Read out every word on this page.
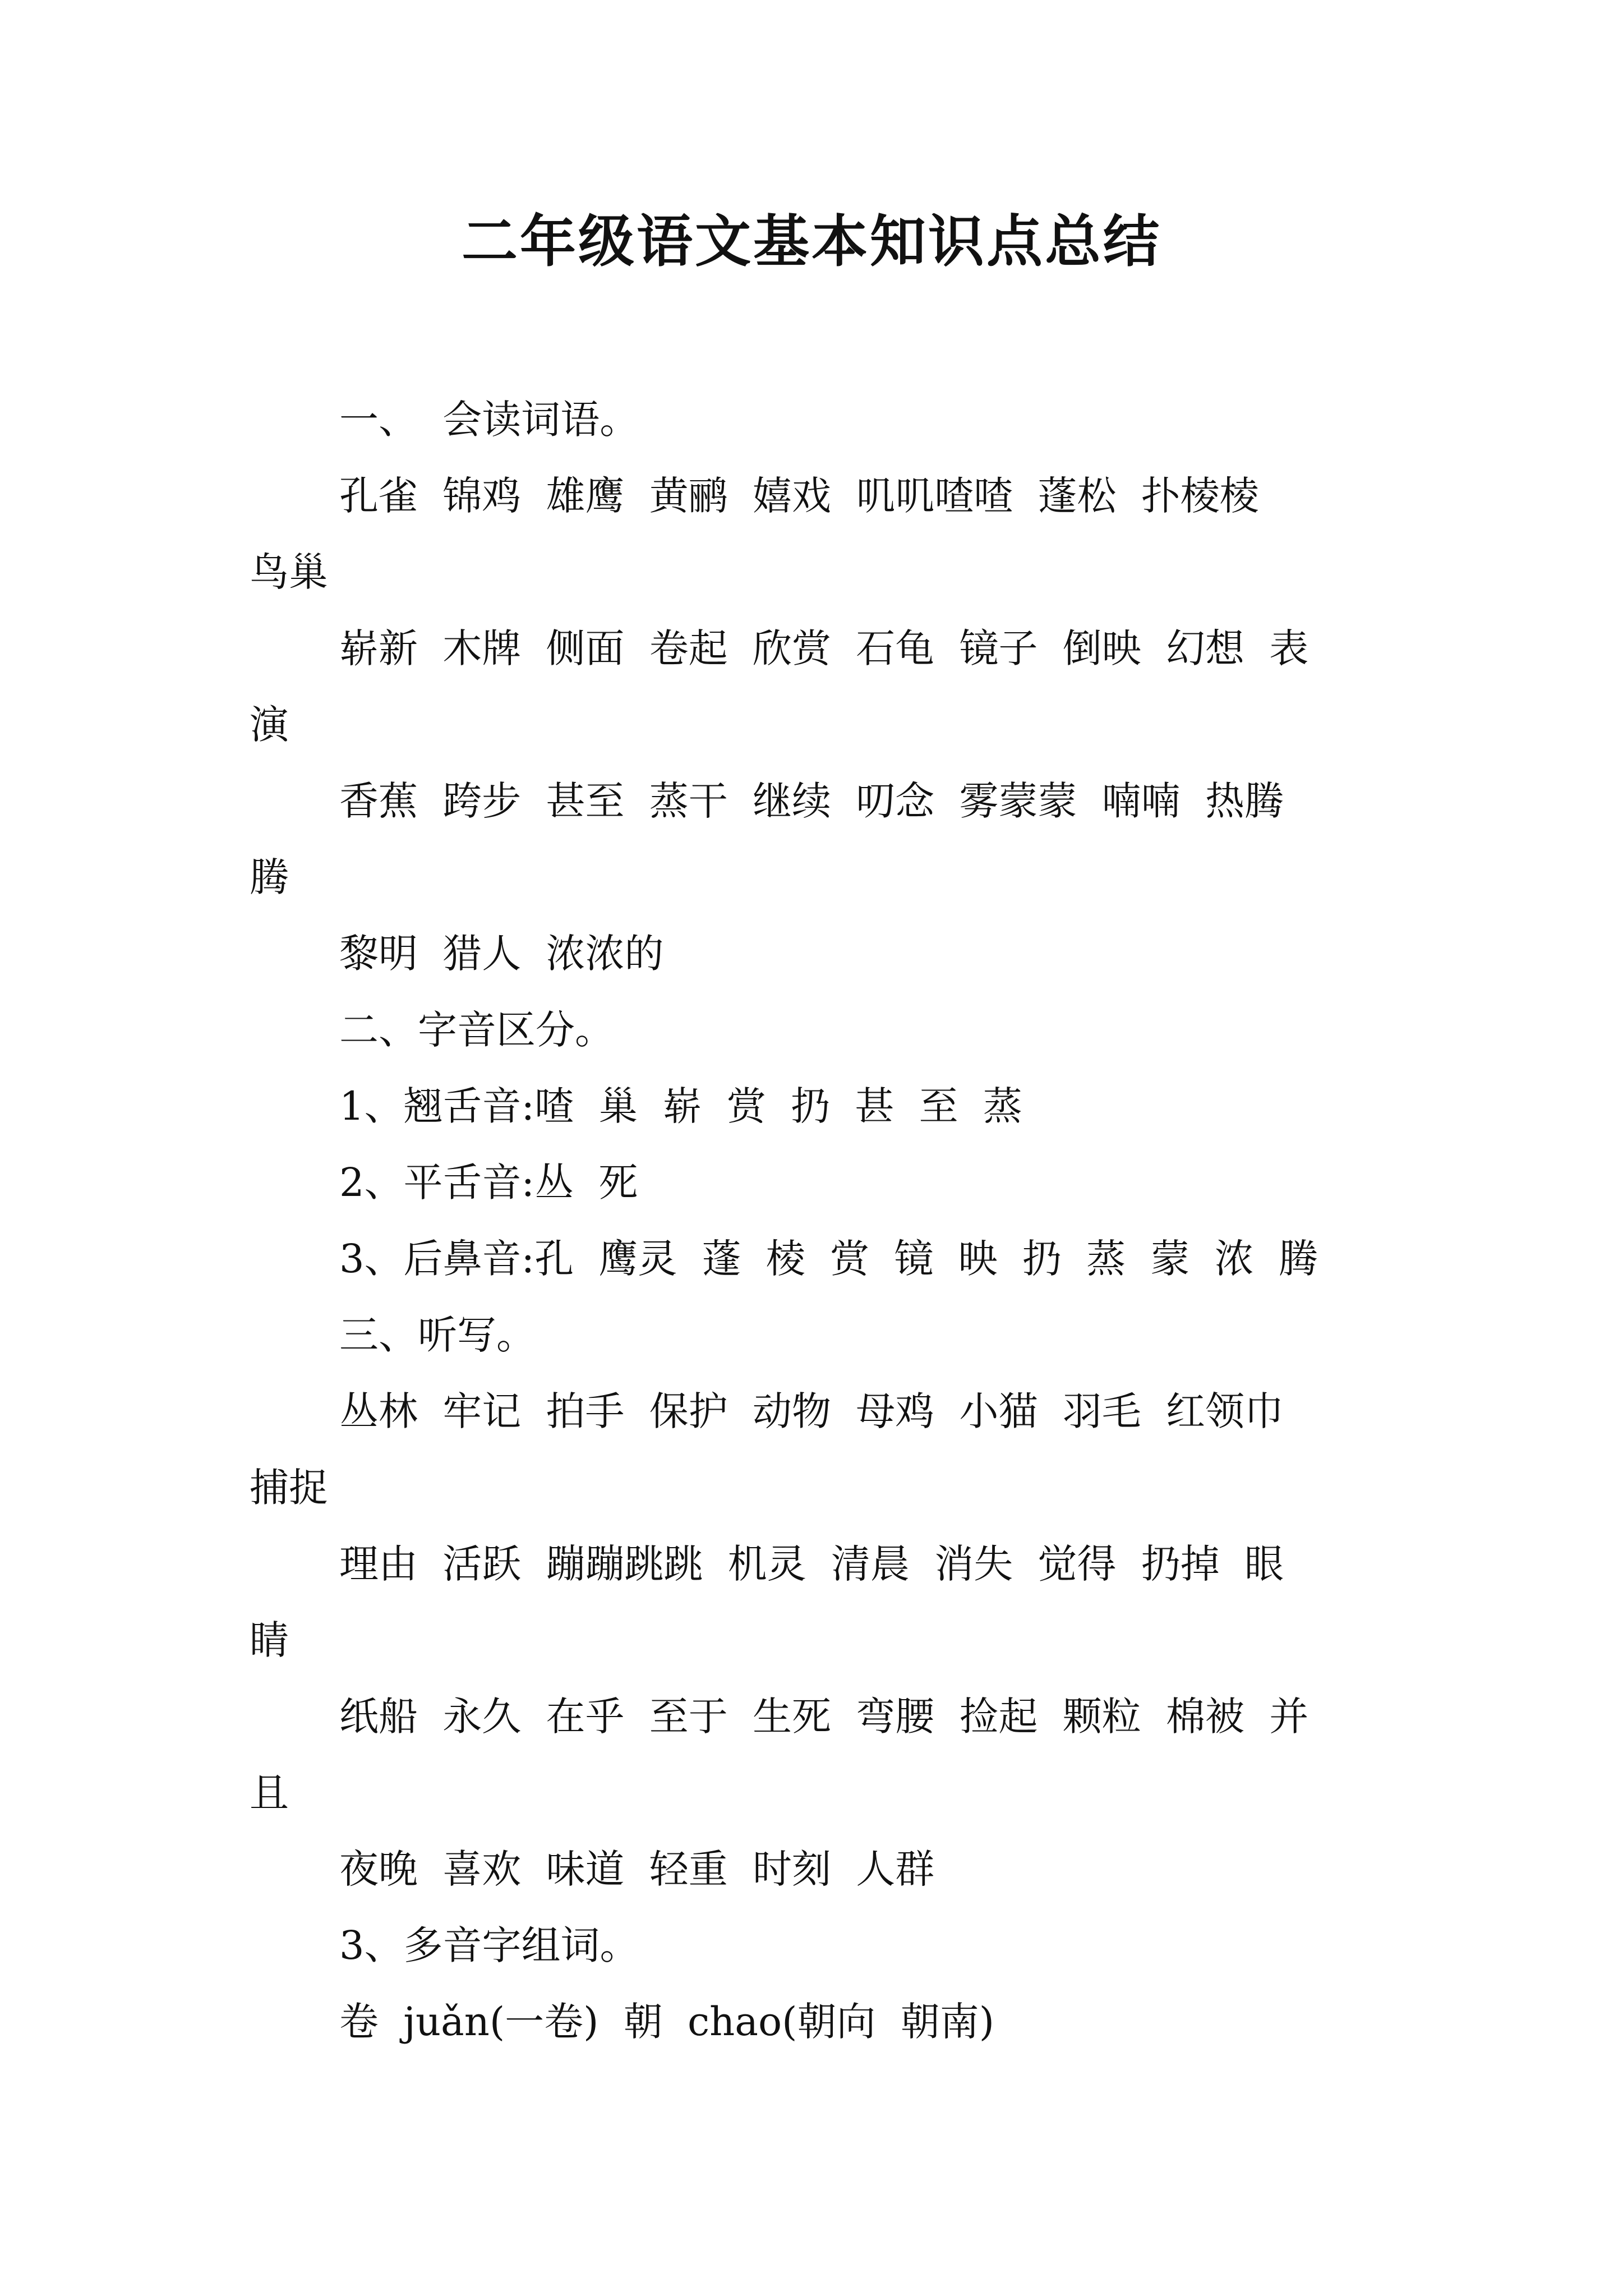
二年级语文基本知识点总结

一、 会读词语。

孔雀 锦鸡 雄鹰 黄鹂 嬉戏 叽叽喳喳 蓬松 扑棱棱
鸟巢

崭新 木牌 侧面 卷起 欣赏 石龟 镜子 倒映 幻想 表
演

香蕉 跨步 甚至 蒸干 继续 叨念 雾蒙蒙 喃喃 热腾
腾

黎明 猎人 浓浓的

二、字音区分。

1、翘舌音:喳 巢 崭 赏 扔 甚 至 蒸

2、平舌音:丛 死

3、后鼻音:孔 鹰灵 蓬 棱 赏 镜 映 扔 蒸 蒙 浓 腾

三、听写。

丛林 牢记 拍手 保护 动物 母鸡 小猫 羽毛 红领巾
捕捉

理由 活跃 蹦蹦跳跳 机灵 清晨 消失 觉得 扔掉 眼
睛

纸船 永久 在乎 至于 生死 弯腰 捡起 颗粒 棉被 并
且

夜晚 喜欢 味道 轻重 时刻 人群

3、多音字组词。

卷 juǎn(一卷) 朝 chao(朝向 朝南)
